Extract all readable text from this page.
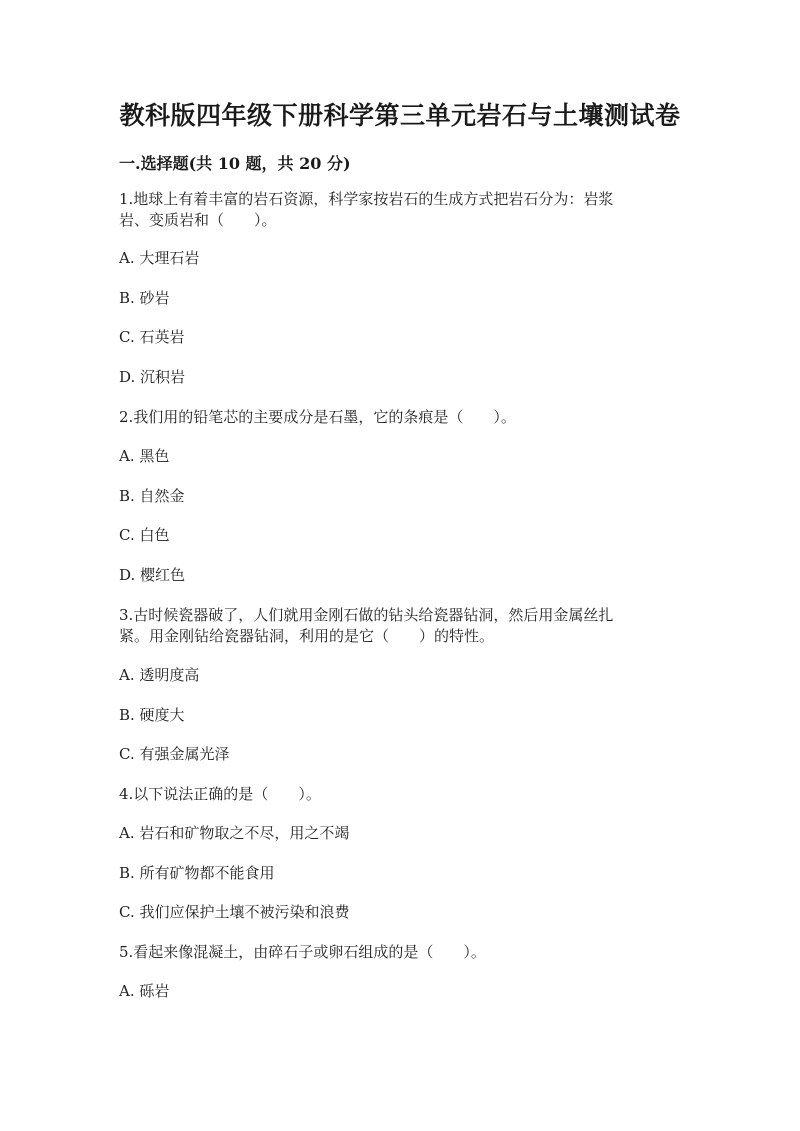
教科版四年级下册科学第三单元岩石与土壤测试卷
一.选择题(共 10 题，共 20 分)
1.地球上有着丰富的岩石资源，科学家按岩石的生成方式把岩石分为：岩浆
岩、变质岩和（　　）。
A. 大理石岩
B. 砂岩
C. 石英岩
D. 沉积岩
2.我们用的铅笔芯的主要成分是石墨，它的条痕是（　　）。
A. 黑色
B. 自然金
C. 白色
D. 樱红色
3.古时候瓷器破了，人们就用金刚石做的钻头给瓷器钻洞，然后用金属丝扎
紧。用金刚钻给瓷器钻洞，利用的是它（　　）的特性。
A. 透明度高
B. 硬度大
C. 有强金属光泽
4.以下说法正确的是（　　）。
A. 岩石和矿物取之不尽，用之不竭
B. 所有矿物都不能食用
C. 我们应保护土壤不被污染和浪费
5.看起来像混凝土，由碎石子或卵石组成的是（　　）。
A. 砾岩
